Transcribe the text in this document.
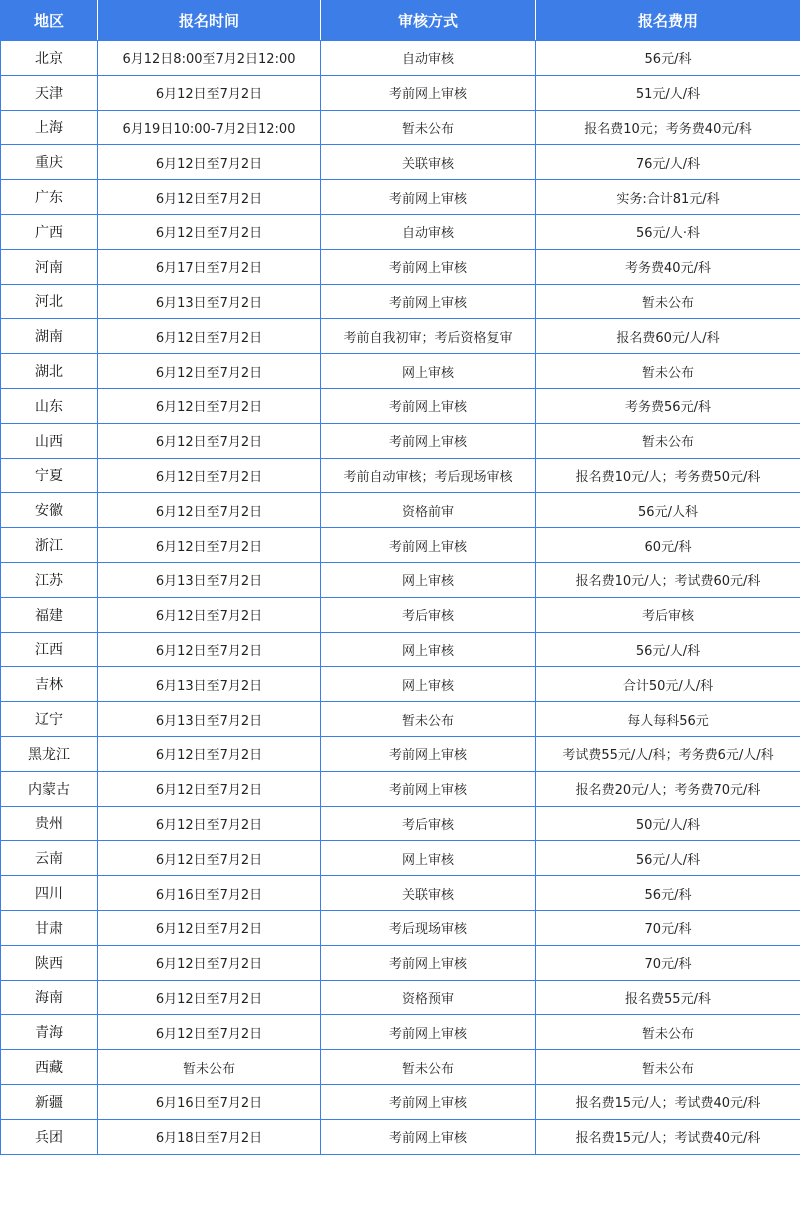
地区	报名时间	审核方式	报名费用
北京	6月12日8:00至7月2日12:00	自动审核	56元/科
天津	6月12日至7月2日	考前网上审核	51元/人/科
上海	6月19日10:00-7月2日12:00	暂未公布	报名费10元；考务费40元/科
重庆	6月12日至7月2日	关联审核	76元/人/科
广东	6月12日至7月2日	考前网上审核	实务:合计81元/科
广西	6月12日至7月2日	自动审核	56元/人·科
河南	6月17日至7月2日	考前网上审核	考务费40元/科
河北	6月13日至7月2日	考前网上审核	暂未公布
湖南	6月12日至7月2日	考前自我初审；考后资格复审	报名费60元/人/科
湖北	6月12日至7月2日	网上审核	暂未公布
山东	6月12日至7月2日	考前网上审核	考务费56元/科
山西	6月12日至7月2日	考前网上审核	暂未公布
宁夏	6月12日至7月2日	考前自动审核；考后现场审核	报名费10元/人；考务费50元/科
安徽	6月12日至7月2日	资格前审	56元/人科
浙江	6月12日至7月2日	考前网上审核	60元/科
江苏	6月13日至7月2日	网上审核	报名费10元/人；考试费60元/科
福建	6月12日至7月2日	考后审核	考后审核
江西	6月12日至7月2日	网上审核	56元/人/科
吉林	6月13日至7月2日	网上审核	合计50元/人/科
辽宁	6月13日至7月2日	暂未公布	每人每科56元
黑龙江	6月12日至7月2日	考前网上审核	考试费55元/人/科；考务费6元/人/科
内蒙古	6月12日至7月2日	考前网上审核	报名费20元/人；考务费70元/科
贵州	6月12日至7月2日	考后审核	50元/人/科
云南	6月12日至7月2日	网上审核	56元/人/科
四川	6月16日至7月2日	关联审核	56元/科
甘肃	6月12日至7月2日	考后现场审核	70元/科
陕西	6月12日至7月2日	考前网上审核	70元/科
海南	6月12日至7月2日	资格预审	报名费55元/科
青海	6月12日至7月2日	考前网上审核	暂未公布
西藏	暂未公布	暂未公布	暂未公布
新疆	6月16日至7月2日	考前网上审核	报名费15元/人；考试费40元/科
兵团	6月18日至7月2日	考前网上审核	报名费15元/人；考试费40元/科
